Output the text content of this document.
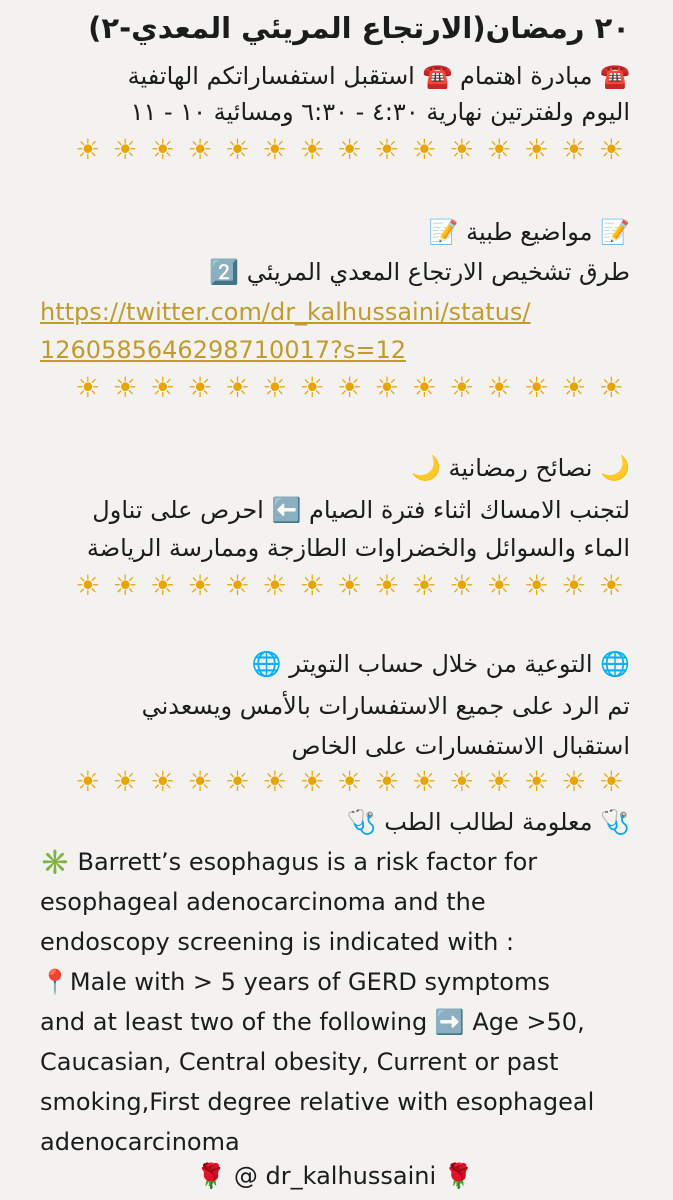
٢٠ رمضان(الارتجاع المريئي المعدي-٢)
☎️ مبادرة اهتمام ☎️ استقبل استفساراتكم الهاتفية
اليوم ولفترتين نهارية ٤:٣٠ - ٦:٣٠ ومسائية ١٠ - ١١
☀ ☀ ☀ ☀ ☀ ☀ ☀ ☀ ☀ ☀ ☀ ☀ ☀ ☀ ☀
📝 مواضيع طبية 📝
طرق تشخيص الارتجاع المعدي المريئي 2️⃣
https://twitter.com/dr_kalhussaini/status/
1260585646298710017?s=12
☀ ☀ ☀ ☀ ☀ ☀ ☀ ☀ ☀ ☀ ☀ ☀ ☀ ☀ ☀
🌙 نصائح رمضانية 🌙
لتجنب الامساك اثناء فترة الصيام ⬅️ احرص على تناول
الماء والسوائل والخضراوات الطازجة وممارسة الرياضة
☀ ☀ ☀ ☀ ☀ ☀ ☀ ☀ ☀ ☀ ☀ ☀ ☀ ☀ ☀
🌐 التوعية من خلال حساب التويتر 🌐
تم الرد على جميع الاستفسارات بالأمس ويسعدني
استقبال الاستفسارات على الخاص
☀ ☀ ☀ ☀ ☀ ☀ ☀ ☀ ☀ ☀ ☀ ☀ ☀ ☀ ☀
🩺 معلومة لطالب الطب 🩺
✳️ Barrett’s esophagus is a risk factor for
esophageal adenocarcinoma and the
endoscopy screening is indicated with :
📍Male with > 5 years of GERD symptoms
and at least two of the following ➡️ Age >50,
Caucasian, Central obesity, Current or past
smoking,First degree relative with esophageal
adenocarcinoma
🌹 @ dr_kalhussaini 🌹
